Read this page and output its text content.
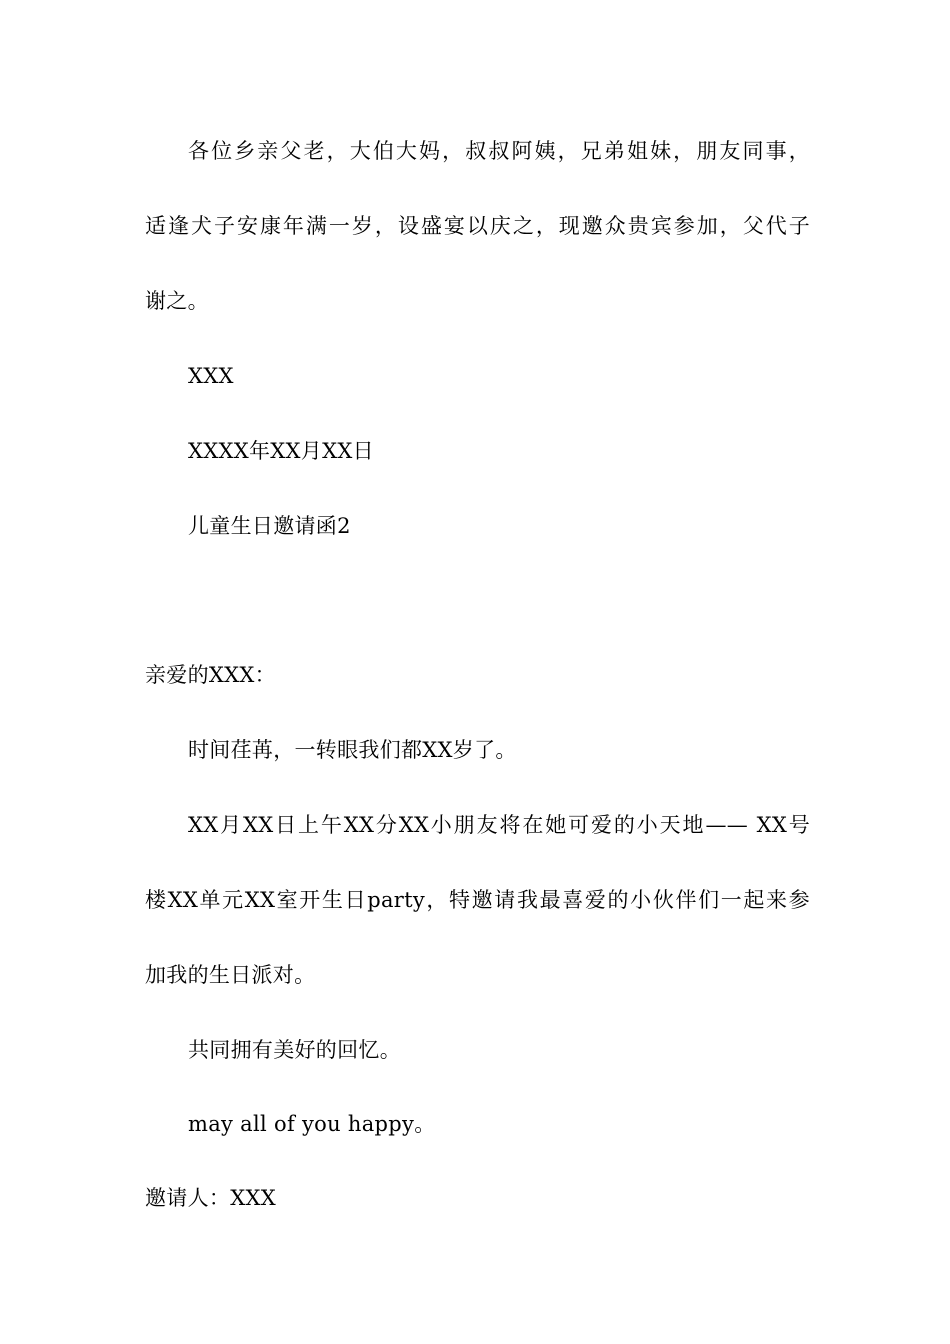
各位乡亲父老，大伯大妈，叔叔阿姨，兄弟姐妹，朋友同事，
适逢犬子安康年满一岁，设盛宴以庆之，现邀众贵宾参加，父代子
谢之。
XXX
XXXX年XX月XX日
儿童生日邀请函2
亲爱的XXX：
时间荏苒，一转眼我们都XX岁了。
XX月XX日上午XX分XX小朋友将在她可爱的小天地—— XX号
楼XX单元XX室开生日party，特邀请我最喜爱的小伙伴们一起来参
加我的生日派对。
共同拥有美好的回忆。
may all of you happy。
邀请人：XXX
